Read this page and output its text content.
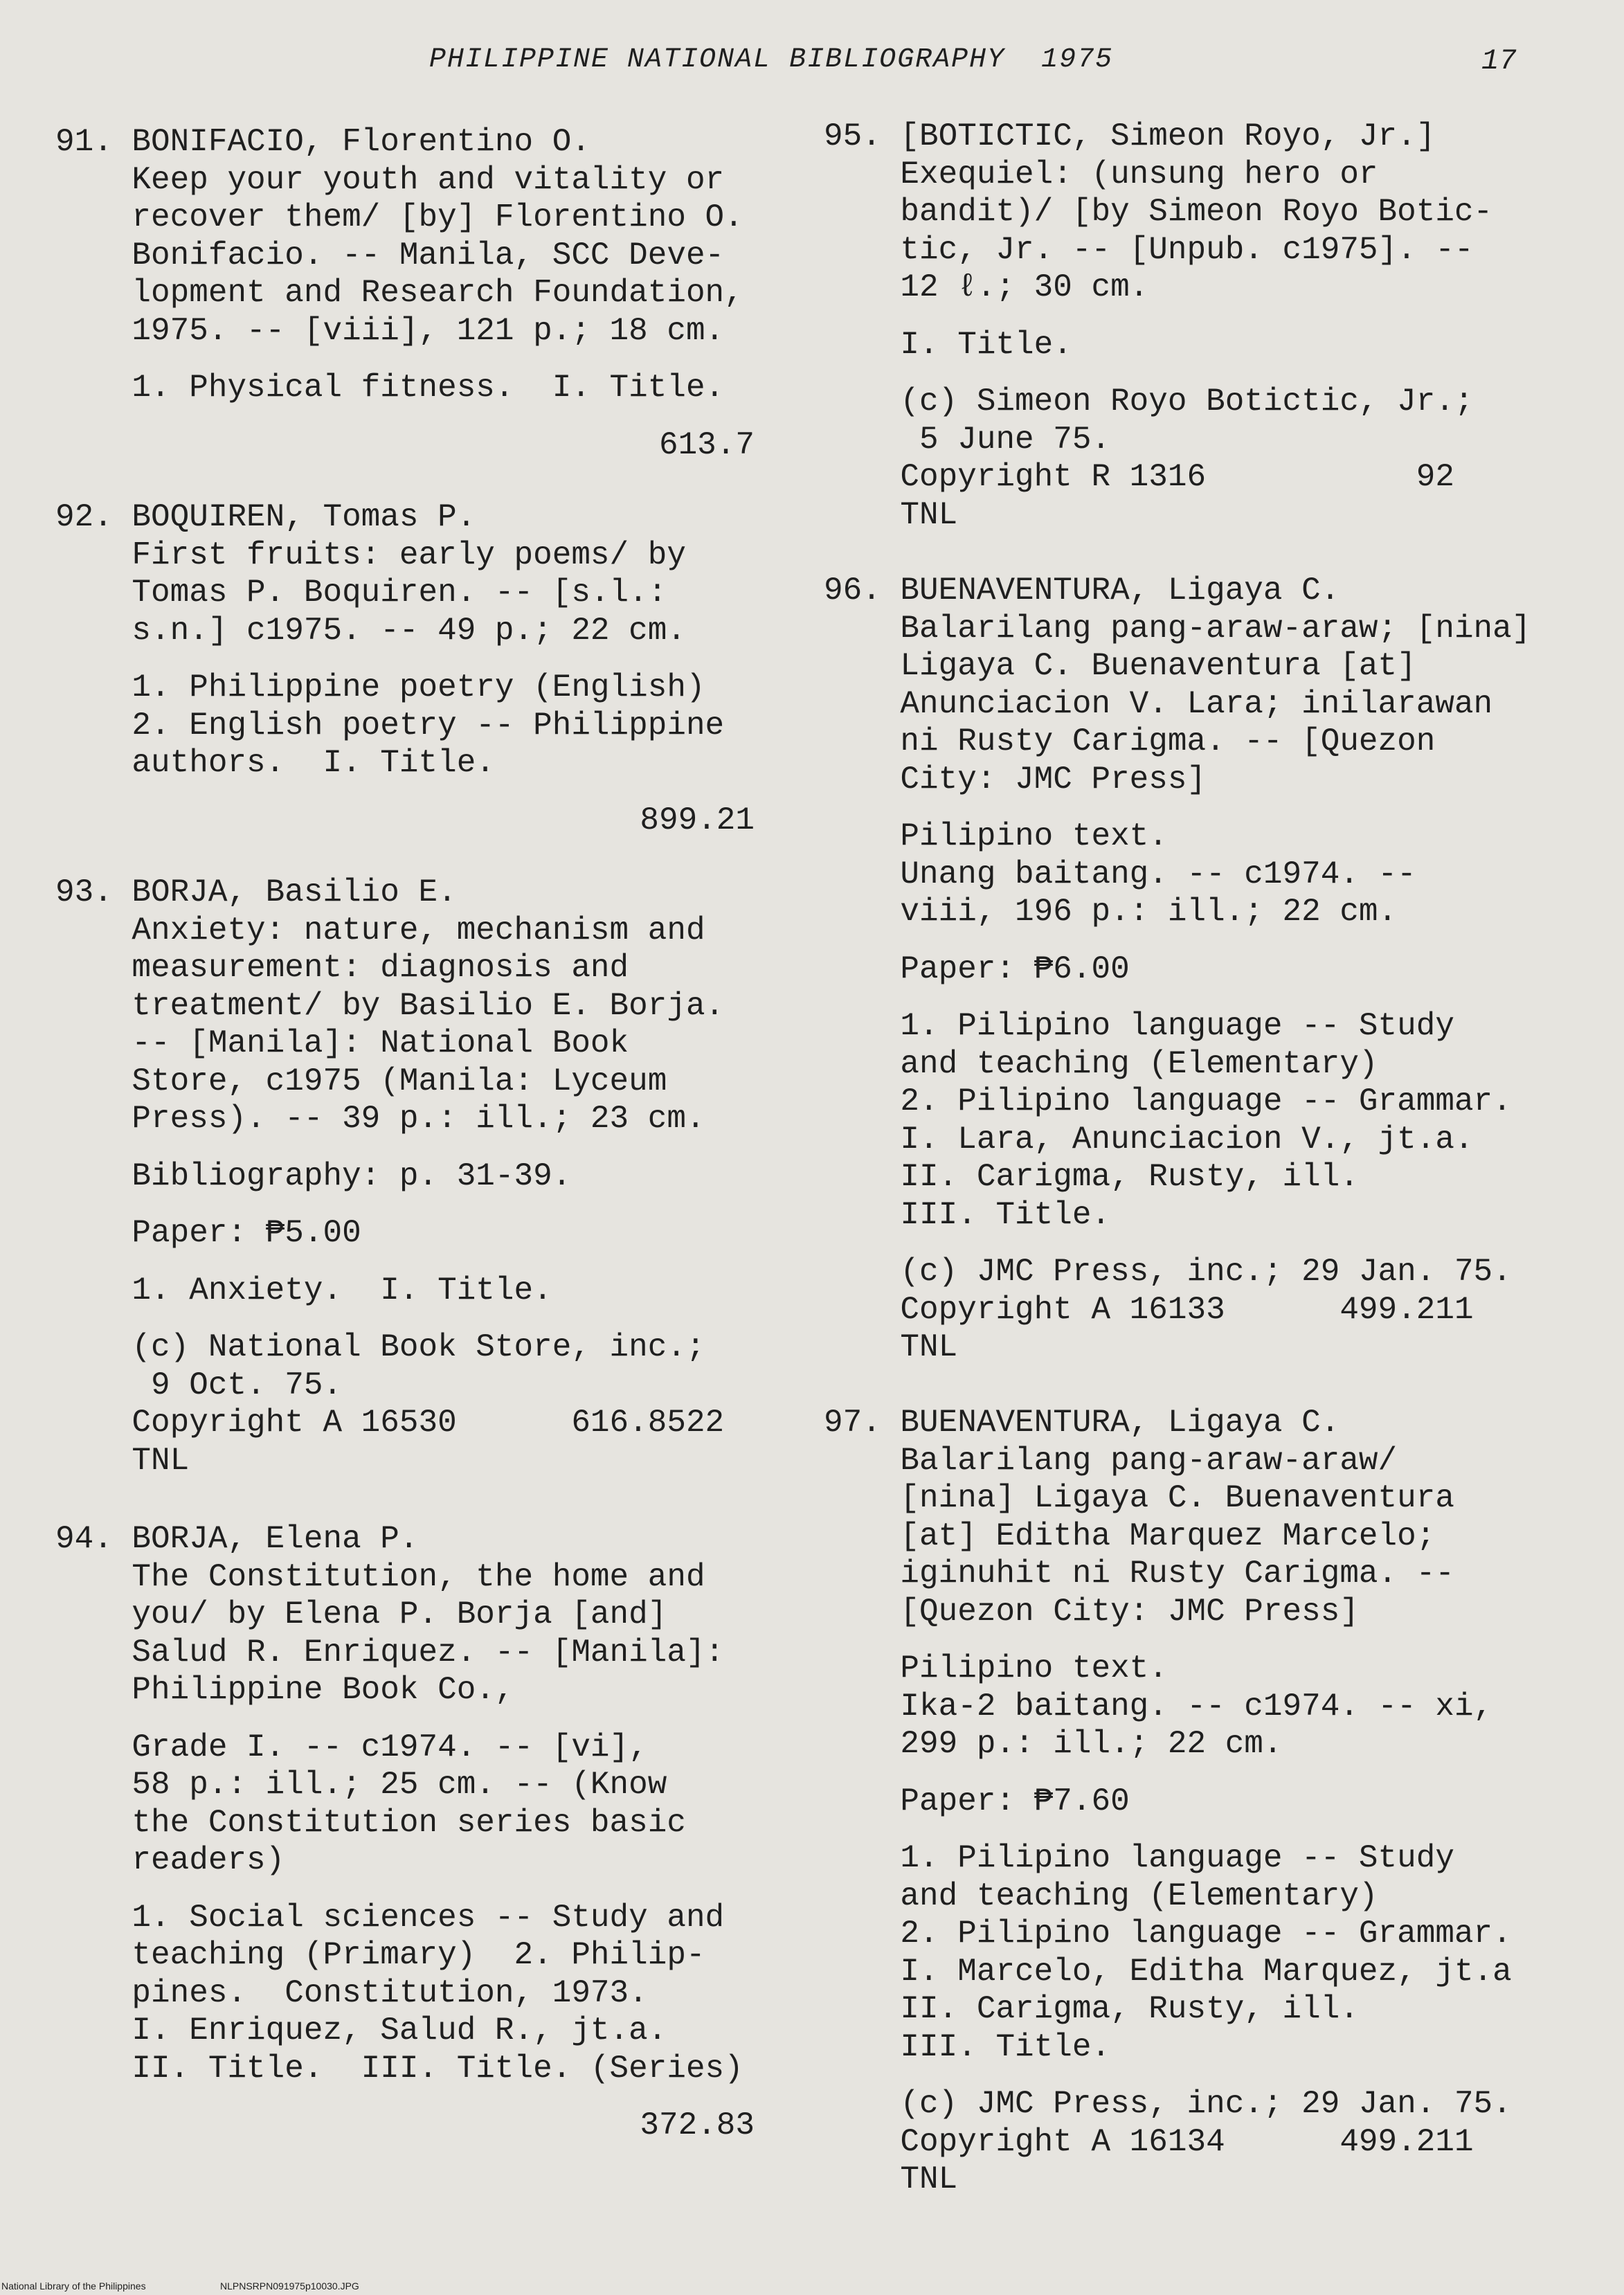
PHILIPPINE NATIONAL BIBLIOGRAPHY  1975	17
91. BONIFACIO, Florentino O.
Keep your youth and vitality or
recover them/ [by] Florentino O.
Bonifacio. -- Manila, SCC Deve-
lopment and Research Foundation,
1975. -- [viii], 121 p.; 18 cm.
1. Physical fitness.  I. Title.
613.7
92. BOQUIREN, Tomas P.
First fruits: early poems/ by
Tomas P. Boquiren. -- [s.l.:
s.n.] c1975. -- 49 p.; 22 cm.
1. Philippine poetry (English)
2. English poetry -- Philippine
authors.  I. Title.
899.21
93. BORJA, Basilio E.
Anxiety: nature, mechanism and
measurement: diagnosis and
treatment/ by Basilio E. Borja.
-- [Manila]: National Book
Store, c1975 (Manila: Lyceum
Press). -- 39 p.: ill.; 23 cm.
Bibliography: p. 31-39.
Paper: ₱5.00
1. Anxiety.  I. Title.
(c) National Book Store, inc.;
9 Oct. 75.
Copyright A 16530      616.8522
TNL
94. BORJA, Elena P.
The Constitution, the home and
you/ by Elena P. Borja [and]
Salud R. Enriquez. -- [Manila]:
Philippine Book Co.,
Grade I. -- c1974. -- [vi],
58 p.: ill.; 25 cm. -- (Know
the Constitution series basic
readers)
1. Social sciences -- Study and
teaching (Primary)  2. Philip-
pines.  Constitution, 1973.
I. Enriquez, Salud R., jt.a.
II. Title.  III. Title. (Series)
372.83
95. [BOTICTIC, Simeon Royo, Jr.]
Exequiel: (unsung hero or
bandit)/ [by Simeon Royo Botic-
tic, Jr. -- [Unpub. c1975]. --
12 ℓ.; 30 cm.
I. Title.
(c) Simeon Royo Botictic, Jr.;
5 June 75.
Copyright R 1316           92
TNL
96. BUENAVENTURA, Ligaya C.
Balarilang pang-araw-araw; [nina]
Ligaya C. Buenaventura [at]
Anunciacion V. Lara; inilarawan
ni Rusty Carigma. -- [Quezon
City: JMC Press]
Pilipino text.
Unang baitang. -- c1974. --
viii, 196 p.: ill.; 22 cm.
Paper: ₱6.00
1. Pilipino language -- Study
and teaching (Elementary)
2. Pilipino language -- Grammar.
I. Lara, Anunciacion V., jt.a.
II. Carigma, Rusty, ill.
III. Title.
(c) JMC Press, inc.; 29 Jan. 75.
Copyright A 16133      499.211
TNL
97. BUENAVENTURA, Ligaya C.
Balarilang pang-araw-araw/
[nina] Ligaya C. Buenaventura
[at] Editha Marquez Marcelo;
iginuhit ni Rusty Carigma. --
[Quezon City: JMC Press]
Pilipino text.
Ika-2 baitang. -- c1974. -- xi,
299 p.: ill.; 22 cm.
Paper: ₱7.60
1. Pilipino language -- Study
and teaching (Elementary)
2. Pilipino language -- Grammar.
I. Marcelo, Editha Marquez, jt.a
II. Carigma, Rusty, ill.
III. Title.
(c) JMC Press, inc.; 29 Jan. 75.
Copyright A 16134      499.211
TNL
National Library of the Philippines	NLPNSRPN091975p10030.JPG
